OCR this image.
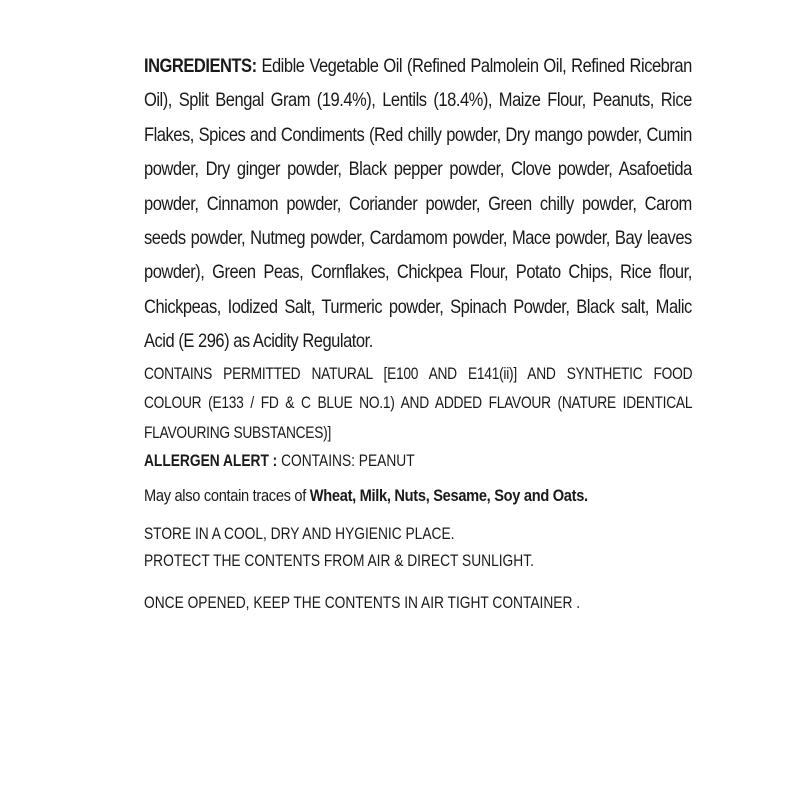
INGREDIENTS: Edible Vegetable Oil (Refined Palmolein Oil, Refined Ricebran Oil), Split Bengal Gram (19.4%), Lentils (18.4%), Maize Flour, Peanuts, Rice Flakes, Spices and Condiments (Red chilly powder, Dry mango powder, Cumin powder, Dry ginger powder, Black pepper powder, Clove powder, Asafoetida powder, Cinnamon powder, Coriander powder, Green chilly powder, Carom seeds powder, Nutmeg powder, Cardamom powder, Mace powder, Bay leaves powder), Green Peas, Cornflakes, Chickpea Flour, Potato Chips, Rice flour, Chickpeas, Iodized Salt, Turmeric powder, Spinach Powder, Black salt, Malic Acid (E 296) as Acidity Regulator.

CONTAINS PERMITTED NATURAL [E100 AND E141(ii)] AND SYNTHETIC FOOD COLOUR (E133 / FD & C BLUE NO.1) AND ADDED FLAVOUR (NATURE IDENTICAL FLAVOURING SUBSTANCES)]

ALLERGEN ALERT : CONTAINS: PEANUT

May also contain traces of Wheat, Milk, Nuts, Sesame, Soy and Oats.

STORE IN A COOL, DRY AND HYGIENIC PLACE.
PROTECT THE CONTENTS FROM AIR & DIRECT SUNLIGHT.

ONCE OPENED, KEEP THE CONTENTS IN AIR TIGHT CONTAINER .
